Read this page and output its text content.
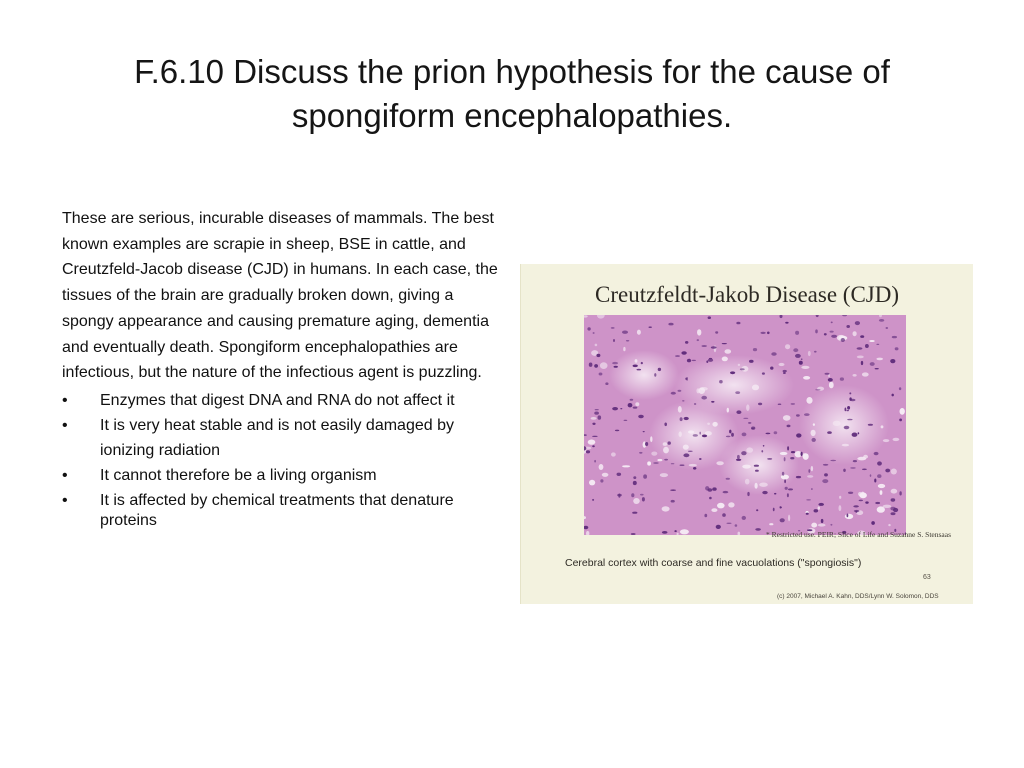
F.6.10 Discuss the prion hypothesis for the cause of spongiform encephalopathies.

These are serious, incurable diseases of mammals. The best known examples are scrapie in sheep, BSE in cattle, and Creutzfeld-Jacob disease (CJD) in humans. In each case, the tissues of the brain are gradually broken down, giving a spongy appearance and causing premature aging, dementia and eventually death. Spongiform encephalopathies are infectious, but the nature of the infectious agent is puzzling.

• Enzymes that digest DNA and RNA do not affect it
• It is very heat stable and is not easily damaged by
ionizing radiation
• It cannot therefore be a living organism
• It is affected by chemical treatments that denature proteins
Creutzfeldt-Jakob Disease (CJD)
* Restricted use. PEIR; Slice of Life and Suzanne S. Stensaas
Cerebral cortex with coarse and fine vacuolations ("spongiosis")
63
(c) 2007, Michael A. Kahn, DDS/Lynn W. Solomon, DDS
